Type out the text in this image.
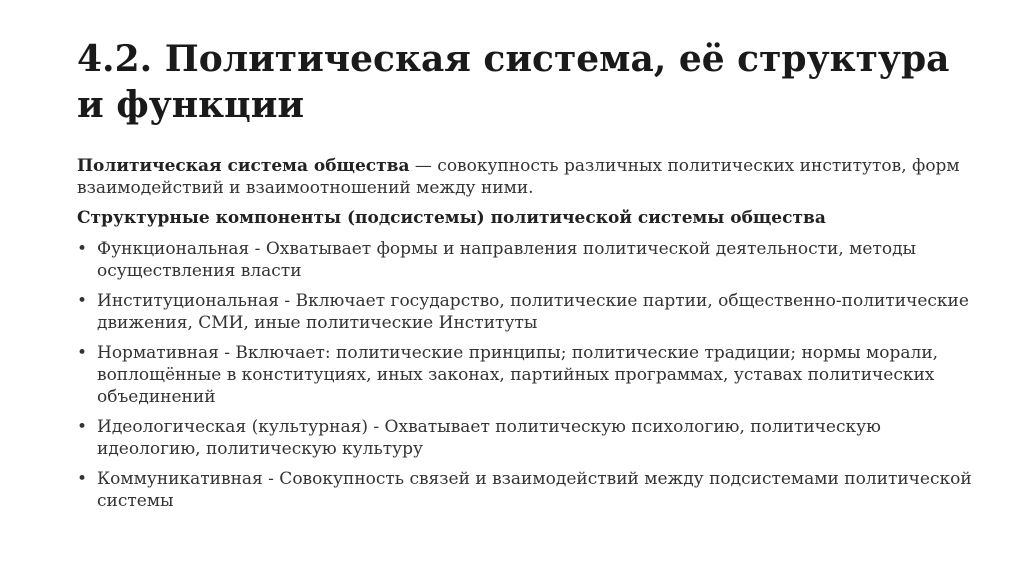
4.2. Политическая система, её структура и функции

Политическая система общества — совокупность различных политических институтов, форм взаимодействий и взаимоотношений между ними.

Структурные компоненты (подсистемы) политической системы общества

• Функциональная - Охватывает формы и направления политической деятельности, методы осуществления власти
• Институциональная - Включает государство, политические партии, общественно-политические движения, СМИ, иные политические Институты
• Нормативная - Включает: политические принципы; политические традиции; нормы морали, воплощённые в конституциях, иных законах, партийных программах, уставах политических объединений
• Идеологическая (культурная) - Охватывает политическую психологию, политическую идеологию, политическую культуру
• Коммуникативная - Совокупность связей и взаимодействий между подсистемами политической системы
